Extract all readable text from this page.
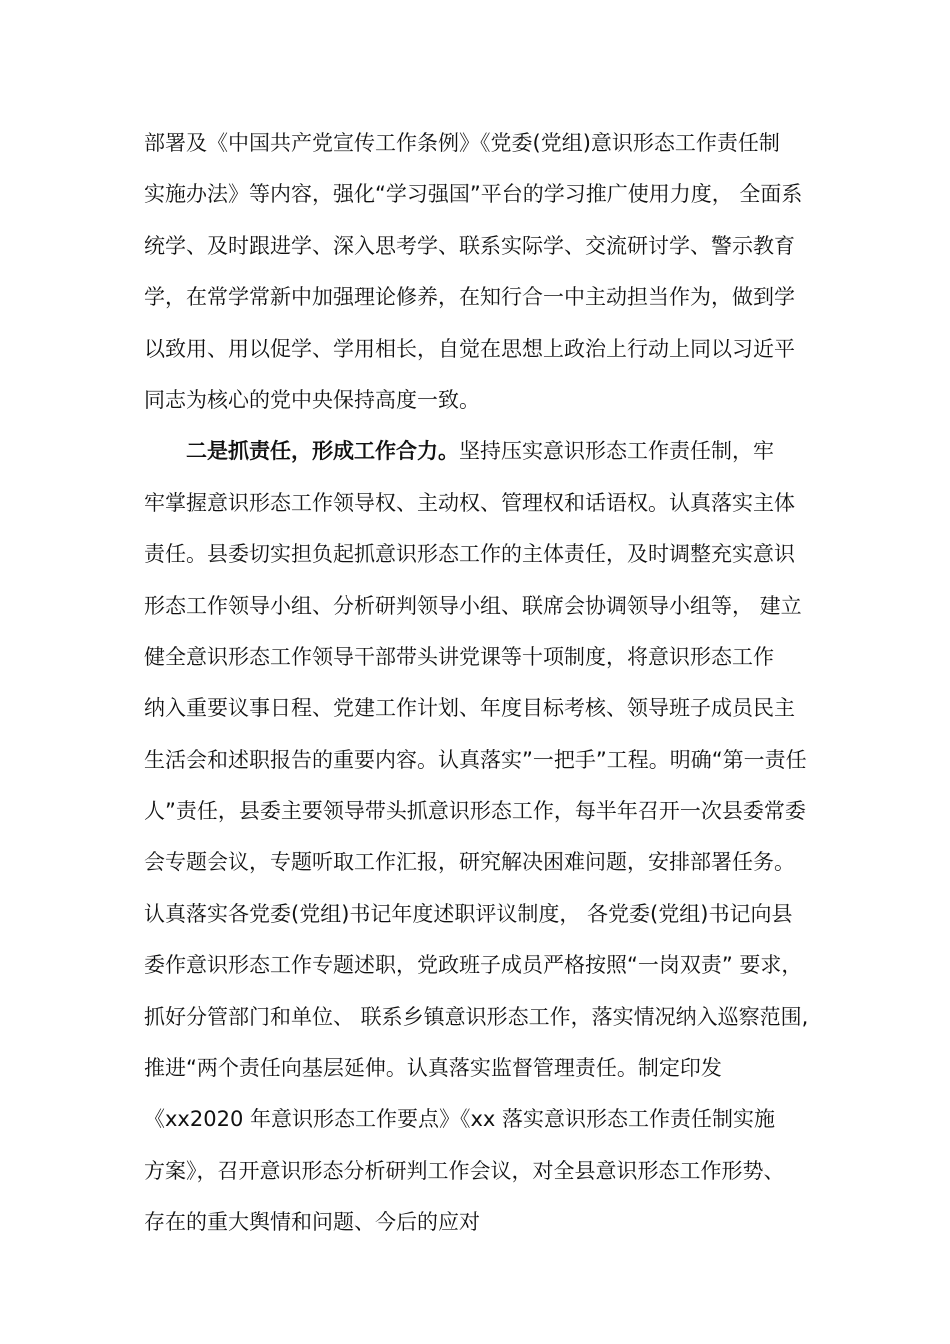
部署及《中国共产党宣传工作条例》《党委(党组)意识形态工作责任制
实施办法》等内容，强化“学习强国”平台的学习推广使用力度， 全面系
统学、及时跟进学、深入思考学、联系实际学、交流研讨学、警示教育
学，在常学常新中加强理论修养，在知行合一中主动担当作为，做到学
以致用、用以促学、学用相长，自觉在思想上政治上行动上同以习近平
同志为核心的党中央保持高度一致。
二是抓责任，形成工作合力。坚持压实意识形态工作责任制，牢
牢掌握意识形态工作领导权、主动权、管理权和话语权。认真落实主体
责任。县委切实担负起抓意识形态工作的主体责任，及时调整充实意识
形态工作领导小组、分析研判领导小组、联席会协调领导小组等， 建立
健全意识形态工作领导干部带头讲党课等十项制度，将意识形态工作
纳入重要议事日程、党建工作计划、年度目标考核、领导班子成员民主
生活会和述职报告的重要内容。认真落实”一把手”工程。明确“第一责任
人”责任，县委主要领导带头抓意识形态工作，每半年召开一次县委常委
会专题会议，专题听取工作汇报，研究解决困难问题，安排部署任务。
认真落实各党委(党组)书记年度述职评议制度， 各党委(党组)书记向县
委作意识形态工作专题述职，党政班子成员严格按照“一岗双责” 要求，
抓好分管部门和单位、 联系乡镇意识形态工作，落实情况纳入巡察范围,
推进“两个责任向基层延伸。认真落实监督管理责任。制定印发
《xx2020 年意识形态工作要点》《xx 落实意识形态工作责任制实施
方案》，召开意识形态分析研判工作会议，对全县意识形态工作形势、
存在的重大舆情和问题、今后的应对
